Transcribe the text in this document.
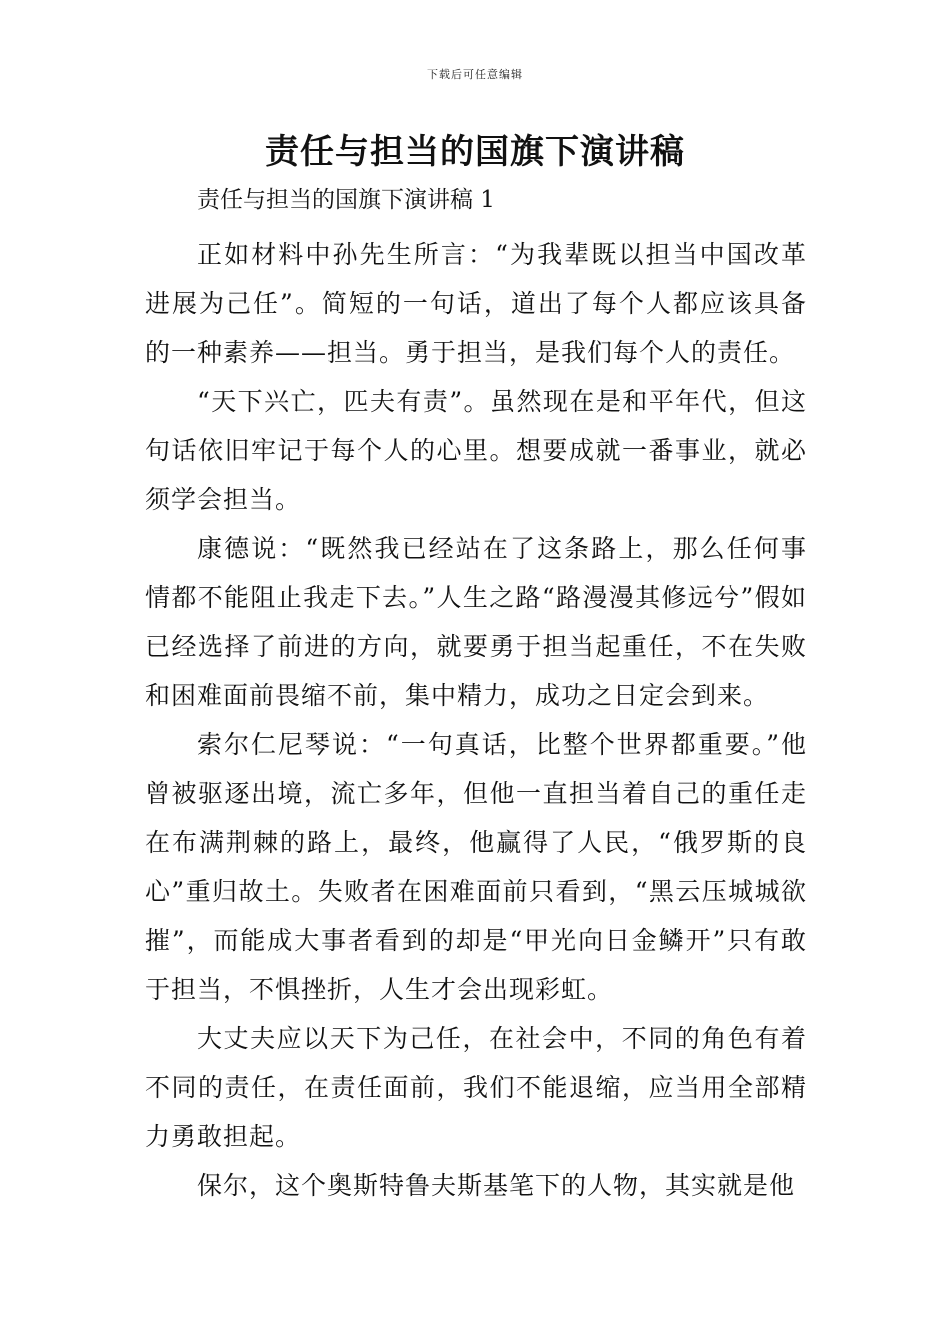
下载后可任意编辑
责任与担当的国旗下演讲稿

责任与担当的国旗下演讲稿 1

正如材料中孙先生所言：“为我辈既以担当中国改革进展为己任”。简短的一句话，道出了每个人都应该具备的一种素养——担当。勇于担当，是我们每个人的责任。

“天下兴亡，匹夫有责”。虽然现在是和平年代，但这句话依旧牢记于每个人的心里。想要成就一番事业，就必须学会担当。

康德说：“既然我已经站在了这条路上，那么任何事情都不能阻止我走下去。”人生之路“路漫漫其修远兮”假如已经选择了前进的方向，就要勇于担当起重任，不在失败和困难面前畏缩不前，集中精力，成功之日定会到来。

索尔仁尼琴说：“一句真话，比整个世界都重要。”他曾被驱逐出境，流亡多年，但他一直担当着自己的重任走在布满荆棘的路上，最终，他赢得了人民，“俄罗斯的良心”重归故土。失败者在困难面前只看到，“黑云压城城欲摧”，而能成大事者看到的却是“甲光向日金鳞开”只有敢于担当，不惧挫折，人生才会出现彩虹。

大丈夫应以天下为己任，在社会中，不同的角色有着不同的责任，在责任面前，我们不能退缩，应当用全部精力勇敢担起。

保尔，这个奥斯特鲁夫斯基笔下的人物，其实就是他
